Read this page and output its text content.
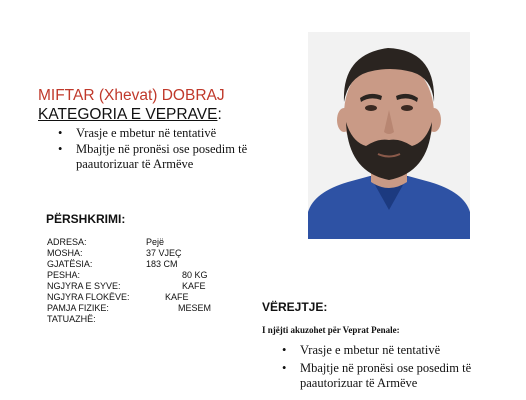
MIFTAR (Xhevat) DOBRAJ
KATEGORIA E VEPRAVE:
• Vrasje e mbetur në tentativë
• Mbajtje në pronësi ose posedim të paautorizuar të Armëve
PËRSHKRIMI:
ADRESA:
MOSHA:
GJATËSIA:
PESHA:
NGJYRA E SYVE:
NGJYRA FLOKËVE:
PAMJA FIZIKE:
TATUAZHË:
Pejë
37 VJEÇ
183 CM
80 KG
KAFE
KAFE
MESEM	VËREJTJE:
I njëjti akuzohet për Veprat Penale:
• Vrasje e mbetur në tentativë
• Mbajtje në pronësi ose posedim të paautorizuar të Armëve
